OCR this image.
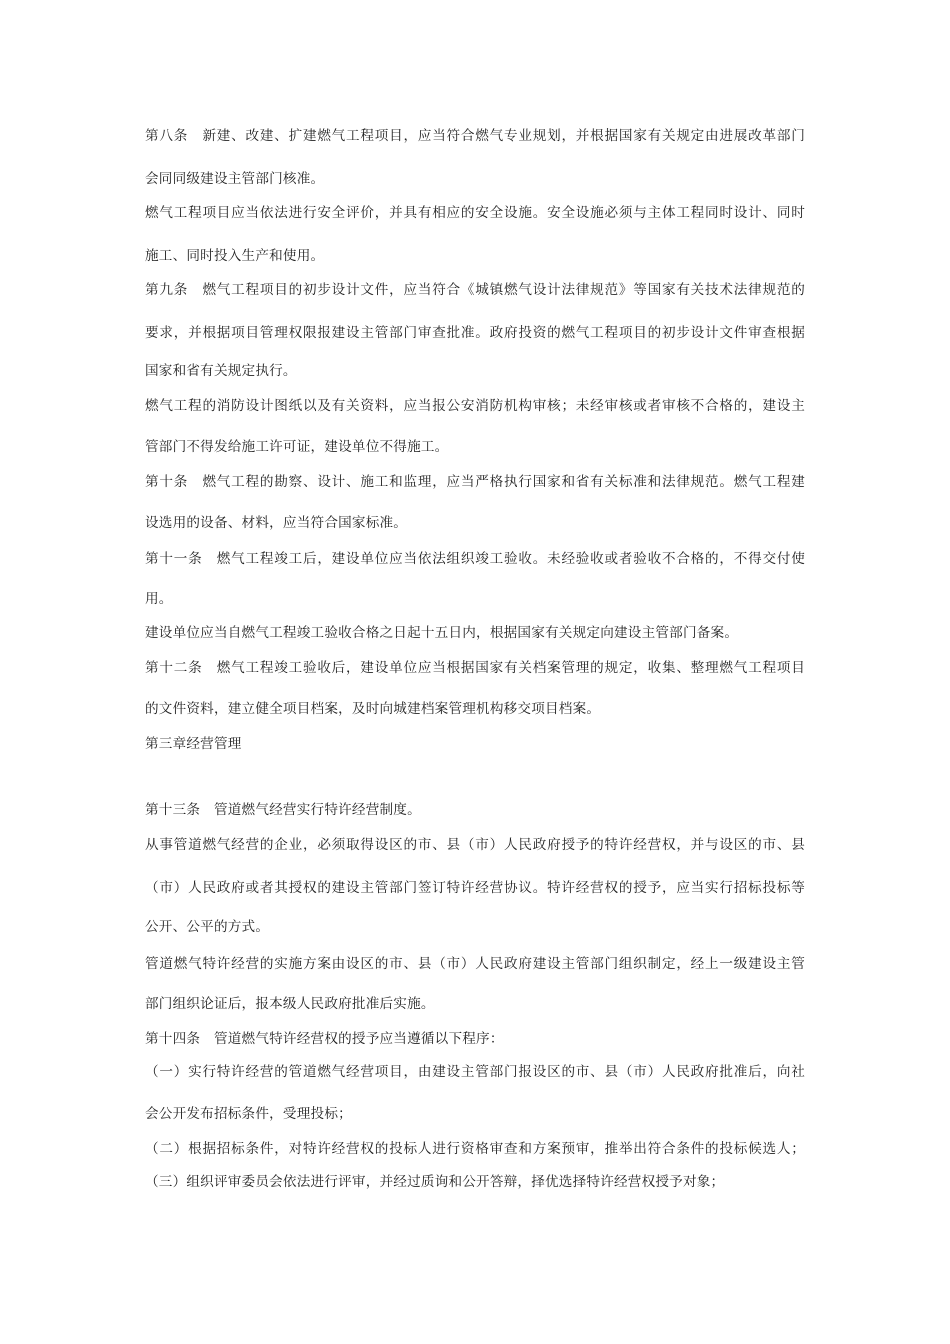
第八条　新建、改建、扩建燃气工程项目，应当符合燃气专业规划，并根据国家有关规定由进展改革部门
会同同级建设主管部门核准。
燃气工程项目应当依法进行安全评价，并具有相应的安全设施。安全设施必须与主体工程同时设计、同时
施工、同时投入生产和使用。
第九条　燃气工程项目的初步设计文件，应当符合《城镇燃气设计法律规范》等国家有关技术法律规范的
要求，并根据项目管理权限报建设主管部门审查批准。政府投资的燃气工程项目的初步设计文件审查根据
国家和省有关规定执行。
燃气工程的消防设计图纸以及有关资料，应当报公安消防机构审核；未经审核或者审核不合格的，建设主
管部门不得发给施工许可证，建设单位不得施工。
第十条　燃气工程的勘察、设计、施工和监理，应当严格执行国家和省有关标准和法律规范。燃气工程建
设选用的设备、材料，应当符合国家标准。
第十一条　燃气工程竣工后，建设单位应当依法组织竣工验收。未经验收或者验收不合格的，不得交付使
用。
建设单位应当自燃气工程竣工验收合格之日起十五日内，根据国家有关规定向建设主管部门备案。
第十二条　燃气工程竣工验收后，建设单位应当根据国家有关档案管理的规定，收集、整理燃气工程项目
的文件资料，建立健全项目档案，及时向城建档案管理机构移交项目档案。
第三章经营管理
第十三条　管道燃气经营实行特许经营制度。
从事管道燃气经营的企业，必须取得设区的市、县（市）人民政府授予的特许经营权，并与设区的市、县
（市）人民政府或者其授权的建设主管部门签订特许经营协议。特许经营权的授予，应当实行招标投标等
公开、公平的方式。
管道燃气特许经营的实施方案由设区的市、县（市）人民政府建设主管部门组织制定，经上一级建设主管
部门组织论证后，报本级人民政府批准后实施。
第十四条　管道燃气特许经营权的授予应当遵循以下程序：
（一）实行特许经营的管道燃气经营项目，由建设主管部门报设区的市、县（市）人民政府批准后，向社
会公开发布招标条件，受理投标；
（二）根据招标条件，对特许经营权的投标人进行资格审查和方案预审，推举出符合条件的投标候选人；
（三）组织评审委员会依法进行评审，并经过质询和公开答辩，择优选择特许经营权授予对象；
